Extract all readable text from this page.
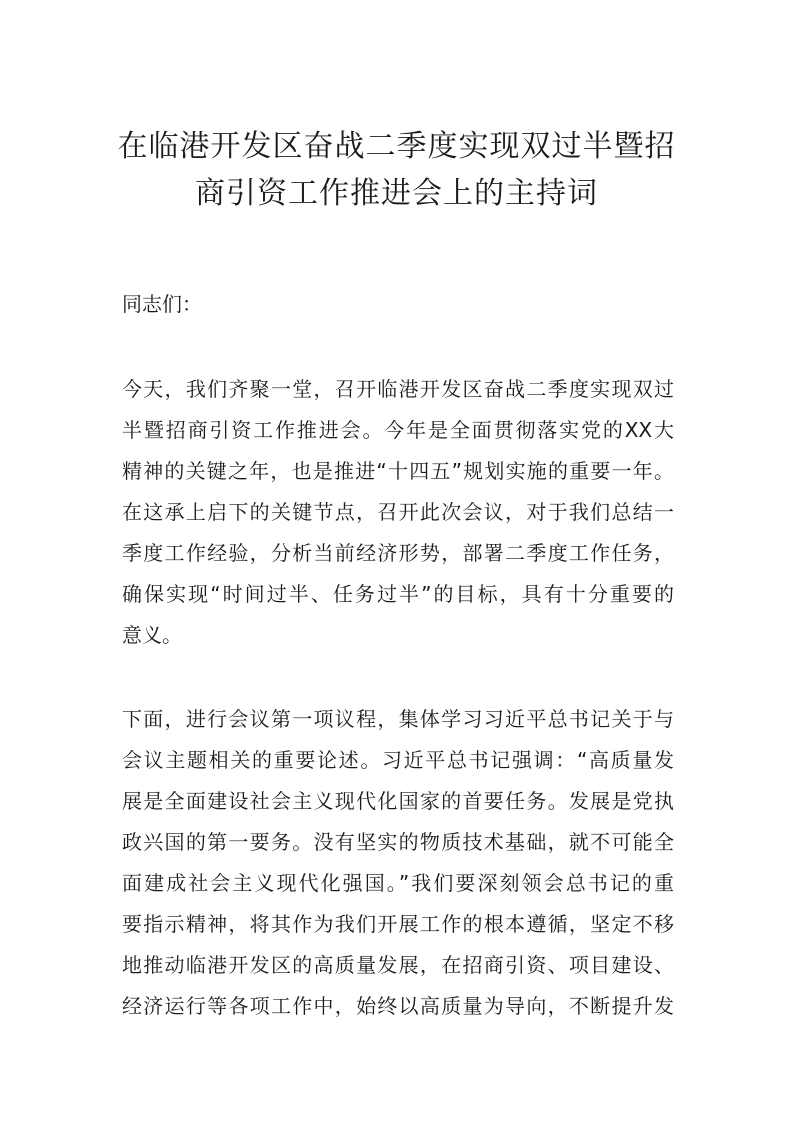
在临港开发区奋战二季度实现双过半暨招
商引资工作推进会上的主持词

同志们：

今天，我们齐聚一堂，召开临港开发区奋战二季度实现双过

半暨招商引资工作推进会。今年是全面贯彻落实党的XX大

精神的关键之年，也是推进“十四五”规划实施的重要一年。

在这承上启下的关键节点，召开此次会议，对于我们总结一

季度工作经验，分析当前经济形势，部署二季度工作任务，

确保实现“时间过半、任务过半”的目标，具有十分重要的

意义。

下面，进行会议第一项议程，集体学习习近平总书记关于与

会议主题相关的重要论述。习近平总书记强调：“高质量发

展是全面建设社会主义现代化国家的首要任务。发展是党执

政兴国的第一要务。没有坚实的物质技术基础，就不可能全

面建成社会主义现代化强国。”我们要深刻领会总书记的重

要指示精神，将其作为我们开展工作的根本遵循，坚定不移

地推动临港开发区的高质量发展，在招商引资、项目建设、

经济运行等各项工作中，始终以高质量为导向，不断提升发
